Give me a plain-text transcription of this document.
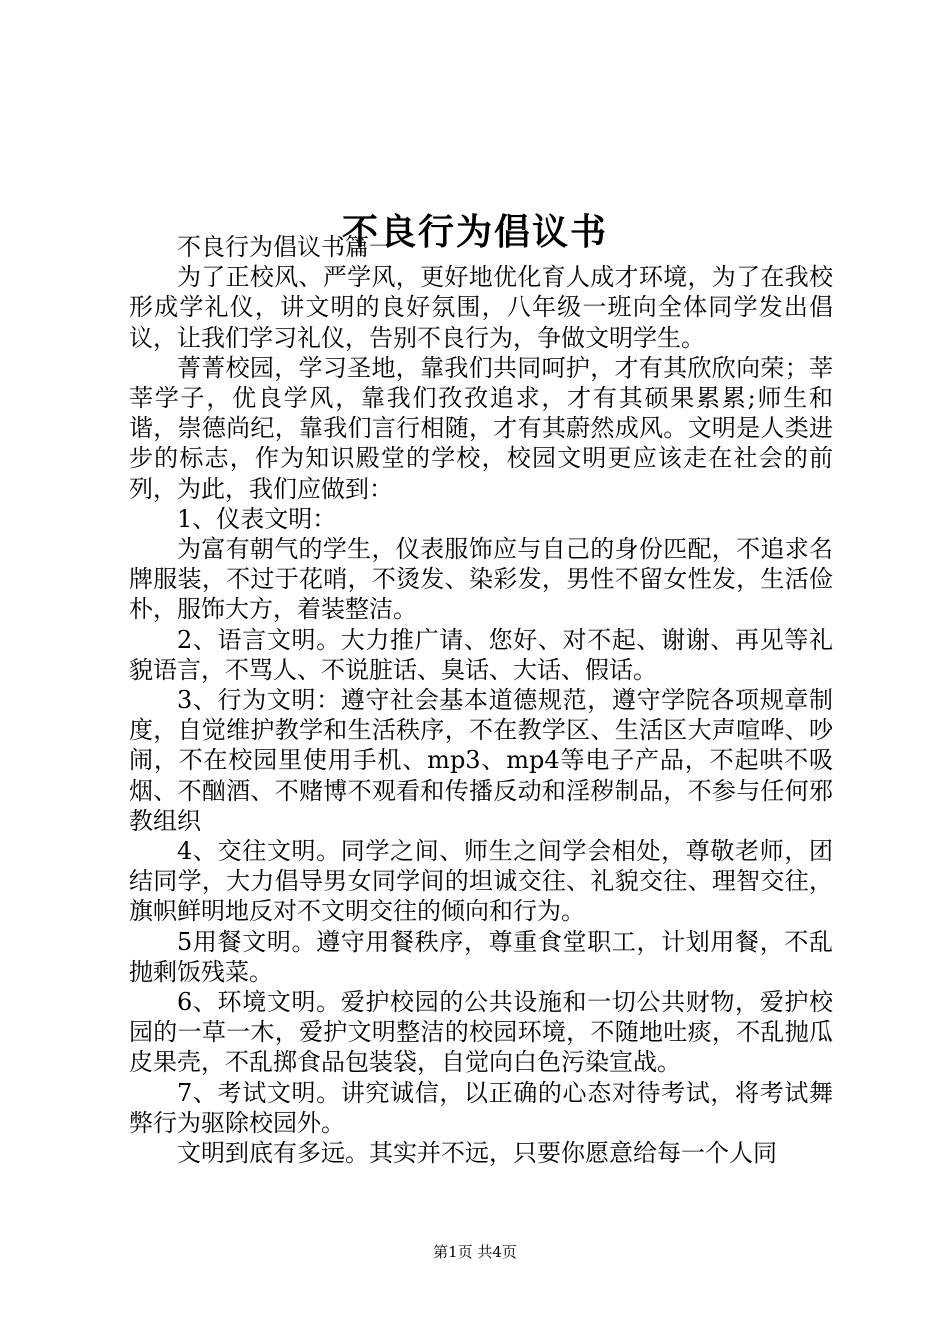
不良行为倡议书

不良行为倡议书篇一

为了正校风、严学风，更好地优化育人成才环境，为了在我校形成学礼仪，讲文明的良好氛围，八年级一班向全体同学发出倡议，让我们学习礼仪，告别不良行为，争做文明学生。

菁菁校园，学习圣地，靠我们共同呵护，才有其欣欣向荣；莘莘学子，优良学风，靠我们孜孜追求，才有其硕果累累;师生和谐，崇德尚纪，靠我们言行相随，才有其蔚然成风。文明是人类进步的标志，作为知识殿堂的学校，校园文明更应该走在社会的前列，为此，我们应做到：

1、仪表文明：

为富有朝气的学生，仪表服饰应与自己的身份匹配，不追求名牌服装，不过于花哨，不烫发、染彩发，男性不留女性发，生活俭朴，服饰大方，着装整洁。

2、语言文明。大力推广请、您好、对不起、谢谢、再见等礼貌语言，不骂人、不说脏话、臭话、大话、假话。

3、行为文明：遵守社会基本道德规范，遵守学院各项规章制度，自觉维护教学和生活秩序，不在教学区、生活区大声喧哗、吵闹，不在校园里使用手机、mp3、mp4等电子产品，不起哄不吸烟、不酗酒、不赌博不观看和传播反动和淫秽制品，不参与任何邪教组织

4、交往文明。同学之间、师生之间学会相处，尊敬老师，团结同学，大力倡导男女同学间的坦诚交往、礼貌交往、理智交往，旗帜鲜明地反对不文明交往的倾向和行为。

5用餐文明。遵守用餐秩序，尊重食堂职工，计划用餐，不乱抛剩饭残菜。

6、环境文明。爱护校园的公共设施和一切公共财物，爱护校园的一草一木，爱护文明整洁的校园环境，不随地吐痰，不乱抛瓜皮果壳，不乱掷食品包装袋，自觉向白色污染宣战。

7、考试文明。讲究诚信，以正确的心态对待考试，将考试舞弊行为驱除校园外。

文明到底有多远。其实并不远，只要你愿意给每一个人同

第1页 共4页
